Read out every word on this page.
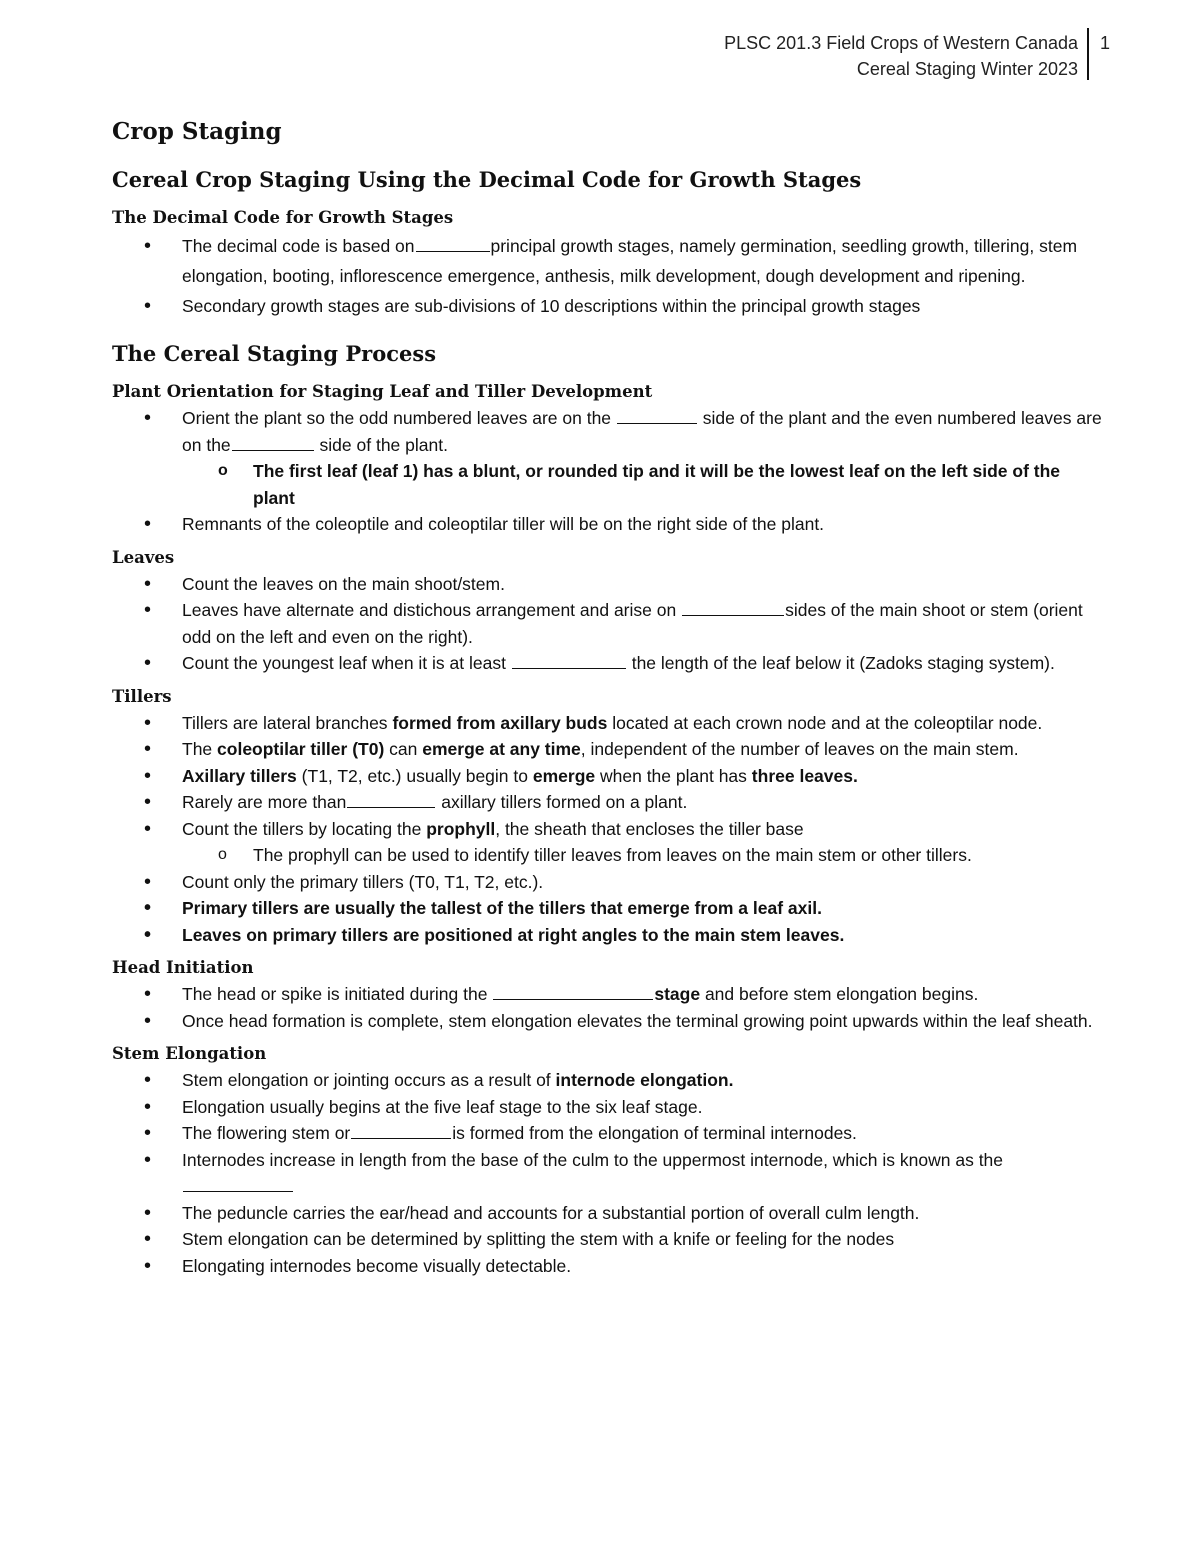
PLSC 201.3 Field Crops of Western Canada
Cereal Staging Winter 2023
1
Crop Staging
Cereal Crop Staging Using the Decimal Code for Growth Stages
The Decimal Code for Growth Stages
• The decimal code is based on	principal growth stages, namely germination, seedling growth, tillering, stem elongation, booting, inflorescence emergence, anthesis, milk development, dough development and ripening.
• Secondary growth stages are sub-divisions of 10 descriptions within the principal growth stages
The Cereal Staging Process
Plant Orientation for Staging Leaf and Tiller Development
• Orient the plant so the odd numbered leaves are on the	side of the plant and the even numbered leaves are on the	side of the plant.
o The first leaf (leaf 1) has a blunt, or rounded tip and it will be the lowest leaf on the left side of the plant
• Remnants of the coleoptile and coleoptilar tiller will be on the right side of the plant.
Leaves
• Count the leaves on the main shoot/stem.
• Leaves have alternate and distichous arrangement and arise on	sides of the main shoot or stem (orient odd on the left and even on the right).
• Count the youngest leaf when it is at least	the length of the leaf below it (Zadoks staging system).
Tillers
• Tillers are lateral branches formed from axillary buds located at each crown node and at the coleoptilar node.
• The coleoptilar tiller (T0) can emerge at any time, independent of the number of leaves on the main stem.
• Axillary tillers (T1, T2, etc.) usually begin to emerge when the plant has three leaves.
• Rarely are more than	axillary tillers formed on a plant.
• Count the tillers by locating the prophyll, the sheath that encloses the tiller base
o The prophyll can be used to identify tiller leaves from leaves on the main stem or other tillers.
• Count only the primary tillers (T0, T1, T2, etc.).
• Primary tillers are usually the tallest of the tillers that emerge from a leaf axil.
• Leaves on primary tillers are positioned at right angles to the main stem leaves.
Head Initiation
• The head or spike is initiated during the	stage and before stem elongation begins.
• Once head formation is complete, stem elongation elevates the terminal growing point upwards within the leaf sheath.
Stem Elongation
• Stem elongation or jointing occurs as a result of internode elongation.
• Elongation usually begins at the five leaf stage to the six leaf stage.
• The flowering stem or	is formed from the elongation of terminal internodes.
• Internodes increase in length from the base of the culm to the uppermost internode, which is known as the
• The peduncle carries the ear/head and accounts for a substantial portion of overall culm length.
• Stem elongation can be determined by splitting the stem with a knife or feeling for the nodes
• Elongating internodes become visually detectable.
